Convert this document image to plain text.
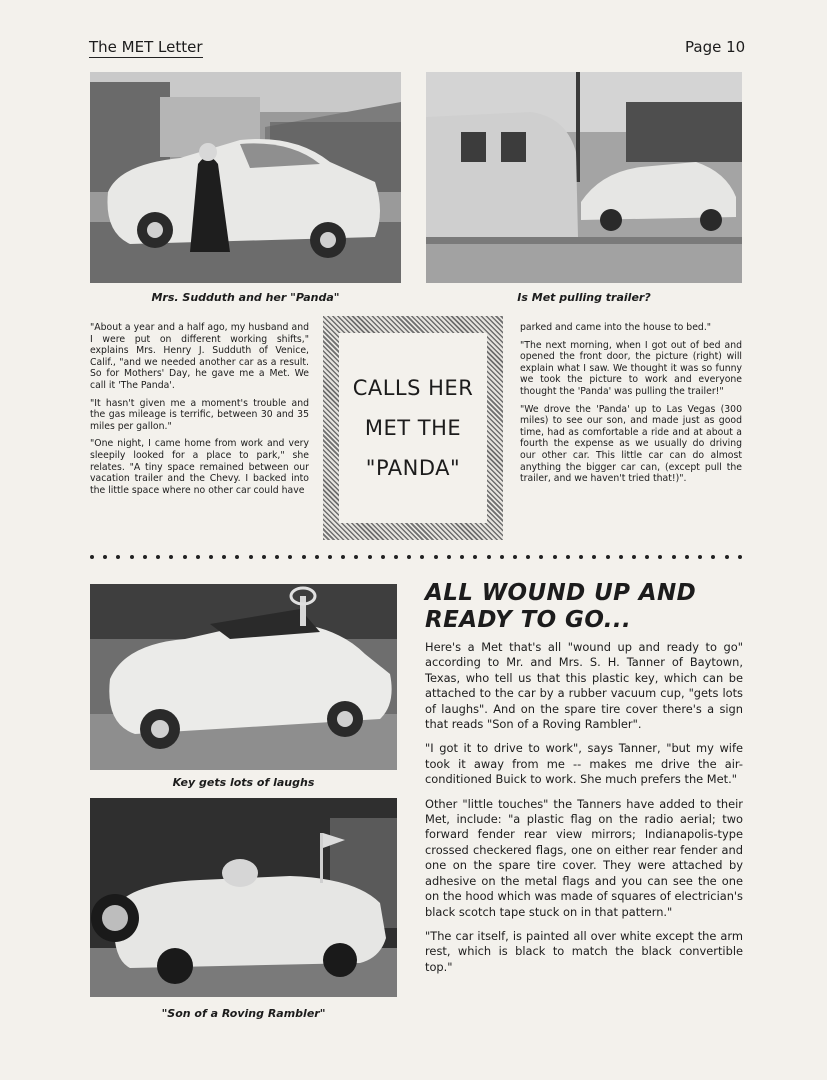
The MET Letter	Page 10
Mrs. Sudduth and her "Panda"	Is Met pulling trailer?

"About a year and a half ago, my husband and I were put on different working shifts," explains Mrs. Henry J. Sudduth of Venice, Calif., "and we needed another car as a result. So for Mothers' Day, he gave me a Met. We call it 'The Panda'.

"It hasn't given me a moment's trouble and the gas mileage is terrific, between 30 and 35 miles per gallon."

"One night, I came home from work and very sleepily looked for a place to park," she relates. "A tiny space remained between our vacation trailer and the Chevy. I backed into the little space where no other car could have

CALLS HER
MET THE
"PANDA"

parked and came into the house to bed."

"The next morning, when I got out of bed and opened the front door, the picture (right) will explain what I saw. We thought it was so funny we took the picture to work and everyone thought the 'Panda' was pulling the trailer!"

"We drove the 'Panda' up to Las Vegas (300 miles) to see our son, and made just as good time, had as comfortable a ride and at about a fourth the expense as we usually do driving our other car. This little car can do almost anything the bigger car can, (except pull the trailer, and we haven't tried that!)".

Key gets lots of laughs
"Son of a Roving Rambler"
ALL WOUND UP AND
READY TO GO...

Here's a Met that's all "wound up and ready to go" according to Mr. and Mrs. S. H. Tanner of Baytown, Texas, who tell us that this plastic key, which can be attached to the car by a rubber vacuum cup, "gets lots of laughs". And on the spare tire cover there's a sign that reads "Son of a Roving Rambler".

"I got it to drive to work", says Tanner, "but my wife took it away from me -- makes me drive the air-conditioned Buick to work. She much prefers the Met."

Other "little touches" the Tanners have added to their Met, include: "a plastic flag on the radio aerial; two forward fender rear view mirrors; Indianapolis-type crossed checkered flags, one on either rear fender and one on the spare tire cover. They were attached by adhesive on the metal flags and you can see the one on the hood which was made of squares of electrician's black scotch tape stuck on in that pattern."

"The car itself, is painted all over white except the arm rest, which is black to match the black convertible top."
